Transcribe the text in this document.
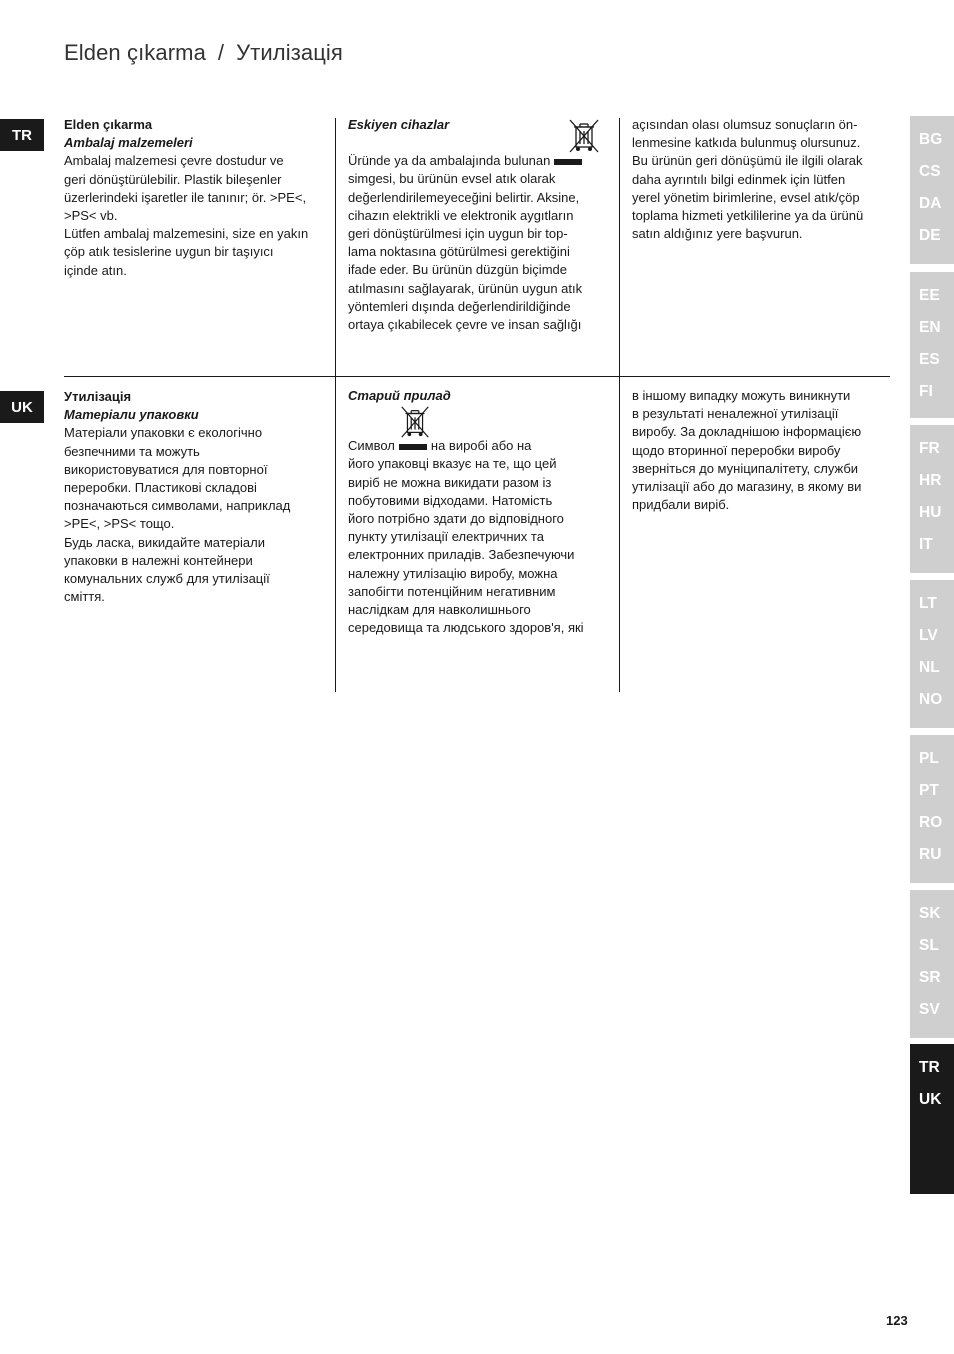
Elden çıkarma / Утилізація
TR
UK

Elden çıkarma

Ambalaj malzemeleri

Ambalaj malzemesi çevre dostudur ve

geri dönüştürülebilir. Plastik bileşenler

üzerlerindeki işaretler ile tanınır; ör. >PE<,

>PS< vb.

Lütfen ambalaj malzemesini, size en yakın

çöp atık tesislerine uygun bir taşıyıcı

içinde atın.

Eskiyen cihazlar

Üründe ya da ambalajında bulunan

simgesi, bu ürünün evsel atık olarak

değerlendirilemeyeceğini belirtir. Aksine,

cihazın elektrikli ve elektronik aygıtların

geri dönüştürülmesi için uygun bir top-

lama noktasına götürülmesi gerektiğini

ifade eder. Bu ürünün düzgün biçimde

atılmasını sağlayarak, ürünün uygun atık

yöntemleri dışında değerlendirildiğinde

ortaya çıkabilecek çevre ve insan sağlığı

açısından olası olumsuz sonuçların ön-

lenmesine katkıda bulunmuş olursunuz.

Bu ürünün geri dönüşümü ile ilgili olarak

daha ayrıntılı bilgi edinmek için lütfen

yerel yönetim birimlerine, evsel atık/çöp

toplama hizmeti yetkililerine ya da ürünü

satın aldığınız yere başvurun.

Утилізація

Матеріали упаковки

Матеріали упаковки є екологічно

безпечними та можуть

використовуватися для повторної

переробки. Пластикові складові

позначаються символами, наприклад

>PE<, >PS< тощо.

Будь ласка, викидайте матеріали

упаковки в належні контейнери

комунальних служб для утилізації

сміття.

Старий прилад

Символ	на виробі або на

його упаковці вказує на те, що цей

виріб не можна викидати разом із

побутовими відходами. Натомість

його потрібно здати до відповідного

пункту утилізації електричних та

електронних приладів. Забезпечуючи

належну утилізацію виробу, можна

запобігти потенційним негативним

наслідкам для навколишнього

середовища та людського здоров'я, які

в іншому випадку можуть виникнути

в результаті неналежної утилізації

виробу. За докладнішою інформацією

щодо вторинної переробки виробу

зверніться до муніципалітету, служби

утилізації або до магазину, в якому ви

придбали виріб.

BG
CS
DA
DE
EE
EN
ES
FI
FR
HR
HU
IT
LT
LV
NL
NO
PL
PT
RO
RU
SK
SL
SR
SV
TR
UK
123
